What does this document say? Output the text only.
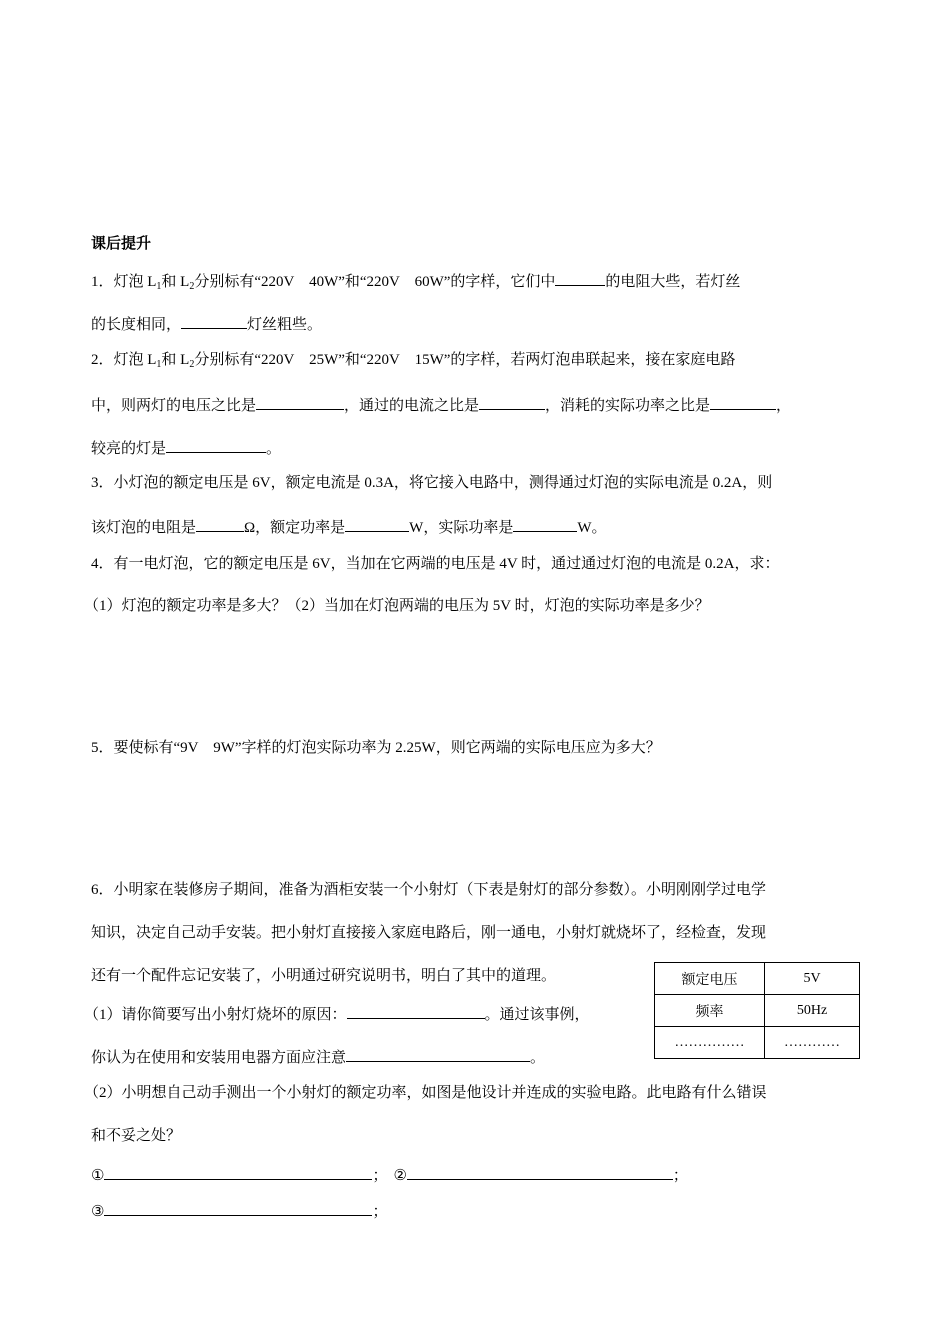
课后提升
1．灯泡 $L_1$和 $L_2$分别标有“220V　40W”和“220V　60W”的字样，它们中	的电阻大些，若灯丝
的长度相同，	灯丝粗些。
2．灯泡 $L_1$和 $L_2$分别标有“220V　25W”和“220V　15W”的字样，若两灯泡串联起来，接在家庭电路
中，则两灯的电压之比是	，通过的电流之比是	，消耗的实际功率之比是	，
较亮的灯是	。
3．小灯泡的额定电压是 6V，额定电流是 0.3A，将它接入电路中，测得通过灯泡的实际电流是 0.2A，则
该灯泡的电阻是	Ω，额定功率是	W，实际功率是	W。
4．有一电灯泡，它的额定电压是 6V，当加在它两端的电压是 4V 时，通过通过灯泡的电流是 0.2A，求：
（1）灯泡的额定功率是多大？（2）当加在灯泡两端的电压为 5V 时，灯泡的实际功率是多少？
5．要使标有“9V　9W”字样的灯泡实际功率为 2.25W，则它两端的实际电压应为多大？
6．小明家在装修房子期间，准备为酒柜安装一个小射灯（下表是射灯的部分参数）。小明刚刚学过电学
知识，决定自己动手安装。把小射灯直接接入家庭电路后，刚一通电，小射灯就烧坏了，经检查，发现
还有一个配件忘记安装了，小明通过研究说明书，明白了其中的道理。
（1）请你简要写出小射灯烧坏的原因：	。通过该事例，
你认为在使用和安装用电器方面应注意	。
（2）小明想自己动手测出一个小射灯的额定功率，如图是他设计并连成的实验电路。此电路有什么错误
和不妥之处？
①	； ②	；
③	；
额定电压	5V
频率	50Hz
……………	…………
